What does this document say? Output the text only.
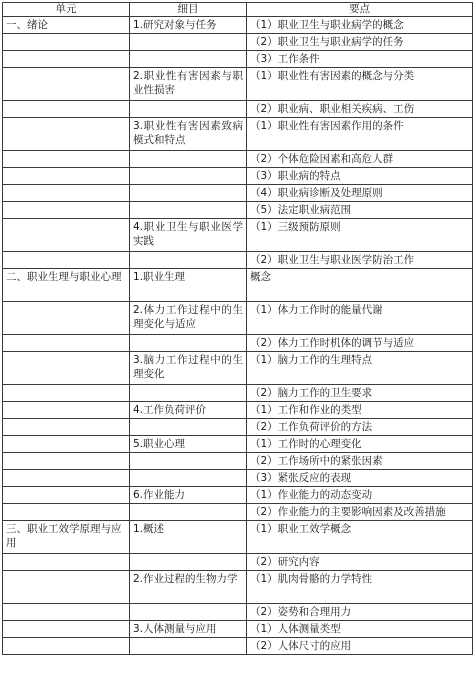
单元	细目	要点
一、绪论	1.研究对象与任务	（1）职业卫生与职业病学的概念
		（2）职业卫生与职业病学的任务
		（3）工作条件
	2.职业性有害因素与职业性损害	（1）职业性有害因素的概念与分类
		（2）职业病、职业相关疾病、工伤
	3.职业性有害因素致病模式和特点	（1）职业性有害因素作用的条件
		（2）个体危险因素和高危人群
		（3）职业病的特点
		（4）职业病诊断及处理原则
		（5）法定职业病范围
	4.职业卫生与职业医学实践	（1）三级预防原则
		（2）职业卫生与职业医学防治工作
二、职业生理与职业心理	1.职业生理	概念
	2.体力工作过程中的生理变化与适应	（1）体力工作时的能量代谢
		（2）体力工作时机体的调节与适应
	3.脑力工作过程中的生理变化	（1）脑力工作的生理特点
		（2）脑力工作的卫生要求
	4.工作负荷评价	（1）工作和作业的类型
		（2）工作负荷评价的方法
	5.职业心理	（1）工作时的心理变化
		（2）工作场所中的紧张因素
		（3）紧张反应的表现
	6.作业能力	（1）作业能力的动态变动
		（2）作业能力的主要影响因素及改善措施
三、职业工效学原理与应用	1.概述	（1）职业工效学概念
		（2）研究内容
	2.作业过程的生物力学	（1）肌肉骨骼的力学特性
		（2）姿势和合理用力
	3.人体测量与应用	（1）人体测量类型
		（2）人体尺寸的应用
